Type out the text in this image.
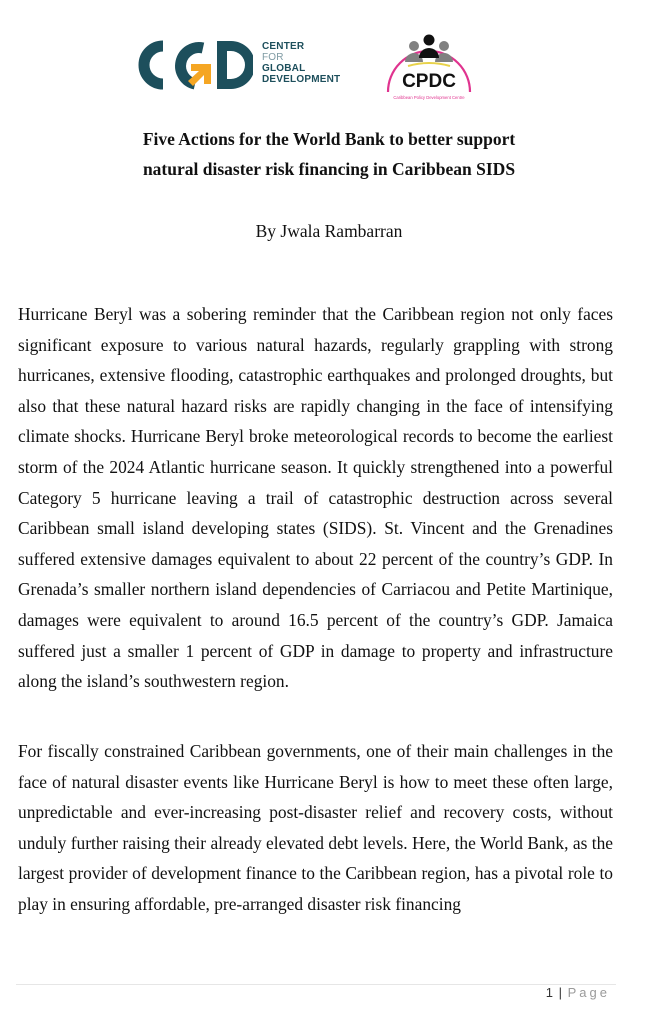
CENTER
FOR
GLOBAL
DEVELOPMENT	CPDC
Caribbean Policy Development Centre
Five Actions for the World Bank to better support
natural disaster risk financing in Caribbean SIDS
By Jwala Rambarran

Hurricane Beryl was a sobering reminder that the Caribbean region not only faces significant exposure to various natural hazards, regularly grappling with strong hurricanes, extensive flooding, catastrophic earthquakes and prolonged droughts, but also that these natural hazard risks are rapidly changing in the face of intensifying climate shocks. Hurricane Beryl broke meteorological records to become the earliest storm of the 2024 Atlantic hurricane season. It quickly strengthened into a powerful Category 5 hurricane leaving a trail of catastrophic destruction across several Caribbean small island developing states (SIDS). St. Vincent and the Grenadines suffered extensive damages equivalent to about 22 percent of the country’s GDP. In Grenada’s smaller northern island dependencies of Carriacou and Petite Martinique, damages were equivalent to around 16.5 percent of the country’s GDP. Jamaica suffered just a smaller 1 percent of GDP in damage to property and infrastructure along the island’s southwestern region.

For fiscally constrained Caribbean governments, one of their main challenges in the face of natural disaster events like Hurricane Beryl is how to meet these often large, unpredictable and ever-increasing post-disaster relief and recovery costs, without unduly further raising their already elevated debt levels. Here, the World Bank, as the largest provider of development finance to the Caribbean region, has a pivotal role to play in ensuring affordable, pre-arranged disaster risk financing

1 | Page
